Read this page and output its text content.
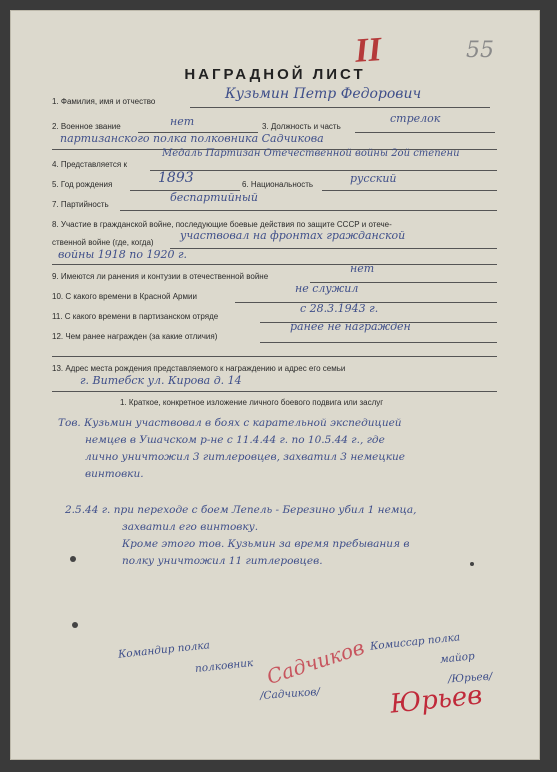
55
II
НАГРАДНОЙ ЛИСТ
1. Фамилия, имя и отчество	Кузьмин Петр Федорович
2. Военное звание	нет	3. Должность и часть
стрелок
партизанского полка полковника Садчикова
4. Представляется к
Медаль Партизан Отечественной войны 2ой степени
5. Год рождения	1893	6. Национальность	русский
7. Партийность
беспартийный
8. Участие в гражданской войне, последующие боевые действия по защите СССР и отече-
ственной войне (где, когда)
участвовал на фронтах гражданской
войны 1918 по 1920 г.
9. Имеются ли ранения и контузии в отечественной войне
нет
10. С какого времени в Красной Армии
не служил
11. С какого времени в партизанском отряде
с 28.3.1943 г.
12. Чем ранее награжден (за какие отличия)
ранее не награжден
13. Адрес места рождения представляемого к награждению и адрес его семьи
г. Витебск ул. Кирова д. 14
1. Краткое, конкретное изложение личного боевого подвига или заслуг
Тов. Кузьмин участвовал в боях с карательной экспедицией
немцев в Ушачском р-не с 11.4.44 г. по 10.5.44 г., где
лично уничтожил 3 гитлеровцев, захватил 3 немецкие
винтовки.
2.5.44 г. при переходе с боем Лепель - Березино убил 1 немца,
захватил его винтовку.
Кроме этого тов. Кузьмин за время пребывания в
полку уничтожил 11 гитлеровцев.
Командир полка
полковник
/Садчиков/
Садчиков Комиссар полка
майор
/Юрьев/
Юрьев
